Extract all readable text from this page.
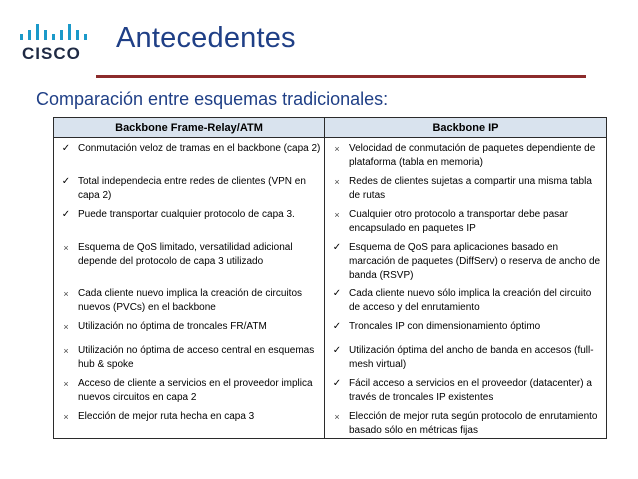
CISCO Antecedentes
Comparación entre esquemas tradicionales:
Backbone Frame-Relay/ATM	Backbone IP

✓ Conmutación veloz de tramas en el backbone (capa 2)	× Velocidad de conmutación de paquetes dependiente de plataforma (tabla en memoria)

✓ Total independecia entre redes de clientes (VPN en capa 2)	× Redes de clientes sujetas a compartir una misma tabla de rutas

✓ Puede transportar cualquier protocolo de capa 3.	× Cualquier otro protocolo a transportar debe pasar encapsulado en paquetes IP

× Esquema de QoS limitado, versatilidad adicional depende del protocolo de capa 3 utilizado	✓ Esquema de QoS para aplicaciones basado en marcación de paquetes (DiffServ) o reserva de ancho de banda (RSVP)

× Cada cliente nuevo implica la creación de circuitos nuevos (PVCs) en el backbone	✓ Cada cliente nuevo sólo implica la creación del circuito de acceso y del enrutamiento

× Utilización no óptima de troncales FR/ATM	✓ Troncales IP con dimensionamiento óptimo

× Utilización no óptima de acceso central en esquemas hub & spoke	✓ Utilización óptima del ancho de banda en accesos (full-mesh virtual)

× Acceso de cliente a servicios en el proveedor implica nuevos circuitos en capa 2	✓ Fácil acceso a servicios en el proveedor (datacenter) a través de troncales IP existentes

× Elección de mejor ruta hecha en capa 3	× Elección de mejor ruta según protocolo de enrutamiento basado sólo en métricas fijas
